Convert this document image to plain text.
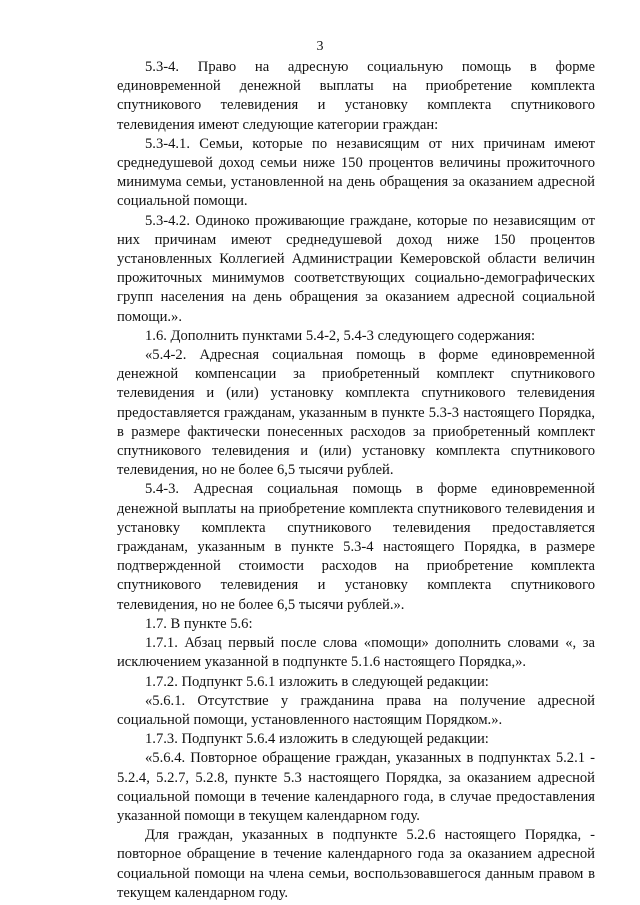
3

5.3-4. Право на адресную социальную помощь в форме единовременной денежной выплаты на приобретение комплекта спутникового телевидения и установку комплекта спутникового телевидения имеют следующие категории граждан:

5.3-4.1. Семьи, которые по независящим от них причинам имеют среднедушевой доход семьи ниже 150 процентов величины прожиточного минимума семьи, установленной на день обращения за оказанием адресной социальной помощи.

5.3-4.2. Одиноко проживающие граждане, которые по независящим от них причинам имеют среднедушевой доход ниже 150 процентов установленных Коллегией Администрации Кемеровской области величин прожиточных минимумов соответствующих социально-демографических групп населения на день обращения за оказанием адресной социальной помощи.».

1.6. Дополнить пунктами 5.4-2, 5.4-3 следующего содержания:

«5.4-2. Адресная социальная помощь в форме единовременной денежной компенсации за приобретенный комплект спутникового телевидения и (или) установку комплекта спутникового телевидения предоставляется гражданам, указанным в пункте 5.3-3 настоящего Порядка, в размере фактически понесенных расходов за приобретенный комплект спутникового телевидения и (или) установку комплекта спутникового телевидения, но не более 6,5 тысячи рублей.

5.4-3. Адресная социальная помощь в форме единовременной денежной выплаты на приобретение комплекта спутникового телевидения и установку комплекта спутникового телевидения предоставляется гражданам, указанным в пункте 5.3-4 настоящего Порядка, в размере подтвержденной стоимости расходов на приобретение комплекта спутникового телевидения и установку комплекта спутникового телевидения, но не более 6,5 тысячи рублей.».

1.7. В пункте 5.6:

1.7.1. Абзац первый после слова «помощи» дополнить словами «, за исключением указанной в подпункте 5.1.6 настоящего Порядка,».

1.7.2. Подпункт 5.6.1 изложить в следующей редакции:

«5.6.1. Отсутствие у гражданина права на получение адресной социальной помощи, установленного настоящим Порядком.».

1.7.3. Подпункт 5.6.4 изложить в следующей редакции:

«5.6.4. Повторное обращение граждан, указанных в подпунктах 5.2.1 - 5.2.4, 5.2.7, 5.2.8, пункте 5.3 настоящего Порядка, за оказанием адресной социальной помощи в течение календарного года, в случае предоставления указанной помощи в текущем календарном году.

Для граждан, указанных в подпункте 5.2.6 настоящего Порядка, - повторное обращение в течение календарного года за оказанием адресной социальной помощи на члена семьи, воспользовавшегося данным правом в текущем календарном году.
